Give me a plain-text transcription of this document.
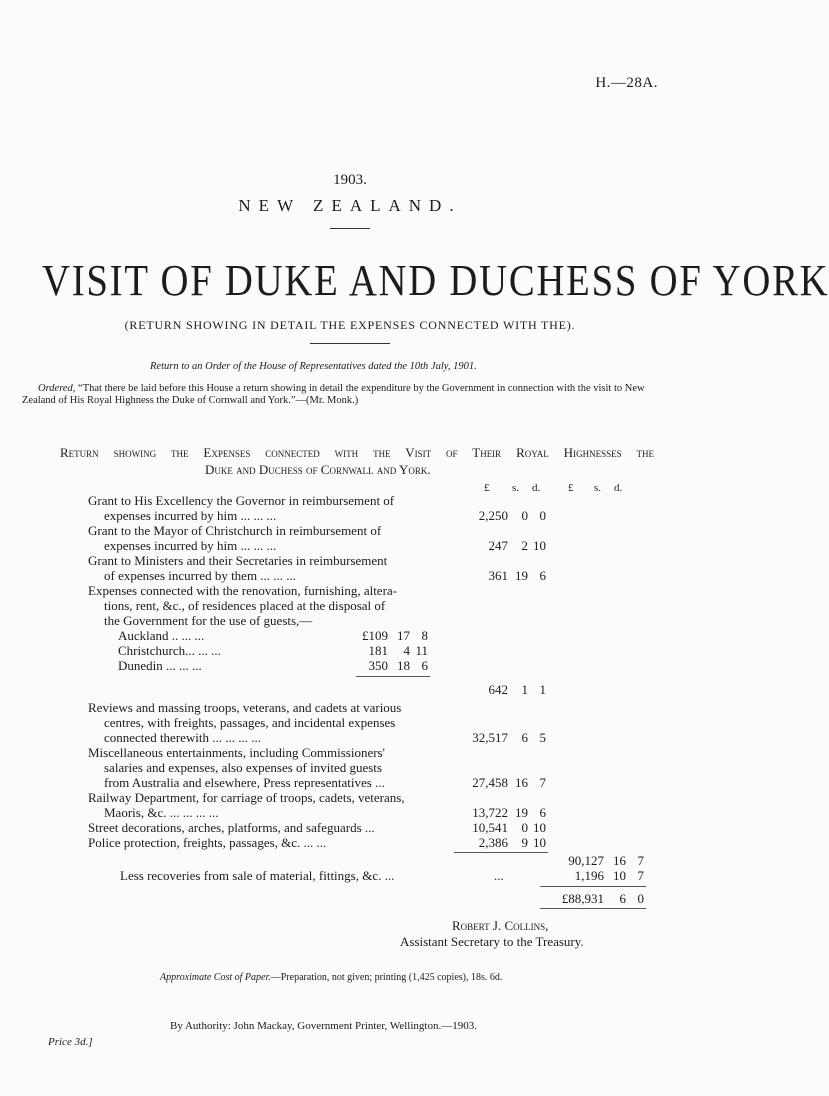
H.—28A.
1903.
NEW ZEALAND.
VISIT OF DUKE AND DUCHESS OF YORK
(RETURN SHOWING IN DETAIL THE EXPENSES CONNECTED WITH THE).
Return to an Order of the House of Representatives dated the 10th July, 1901.
Ordered, “That there be laid before this House a return showing in detail the expenditure by the Government in connection with the visit to New Zealand of His Royal Highness the Duke of Cornwall and York.”—(Mr. Monk.)
Return showing the Expenses connected with the Visit of Their Royal Highnesses the
Duke and Duchess of Cornwall and York.
£ s. d.	£ s. d.
Grant to His Excellency the Governor in reimbursement of
expenses incurred by him ... ... ...	2,250	0 0
Grant to the Mayor of Christchurch in reimbursement of
expenses incurred by him ... ... ...	247	2 10
Grant to Ministers and their Secretaries in reimbursement
of expenses incurred by them ... ... ...	361 19 6
Expenses connected with the renovation, furnishing, altera-
tions, rent, &c., of residences placed at the disposal of
the Government for the use of guests,—
Auckland .. ... ...	£109 17 8
Christchurch... ... ...	181	4 11
Dunedin ... ... ...	350 18 6
642	1 1
Reviews and massing troops, veterans, and cadets at various
centres, with freights, passages, and incidental expenses
connected therewith ... ... ... ...	32,517	6 5
Miscellaneous entertainments, including Commissioners'
salaries and expenses, also expenses of invited guests
from Australia and elsewhere, Press representatives ...	27,458 16 7
Railway Department, for carriage of troops, cadets, veterans,
Maoris, &c. ... ... ... ...	13,722 19 6
Street decorations, arches, platforms, and safeguards ...	10,541	0 10
Police protection, freights, passages, &c. ... ...	2,386	9 10
90,127 16 7
Less recoveries from sale of material, fittings, &c. ...	...	1,196 10 7
£88,931	6 0
Robert J. Collins,
Assistant Secretary to the Treasury.
Approximate Cost of Paper.—Preparation, not given; printing (1,425 copies), 18s. 6d.
By Authority: John Mackay, Government Printer, Wellington.—1903.
Price 3d.]
